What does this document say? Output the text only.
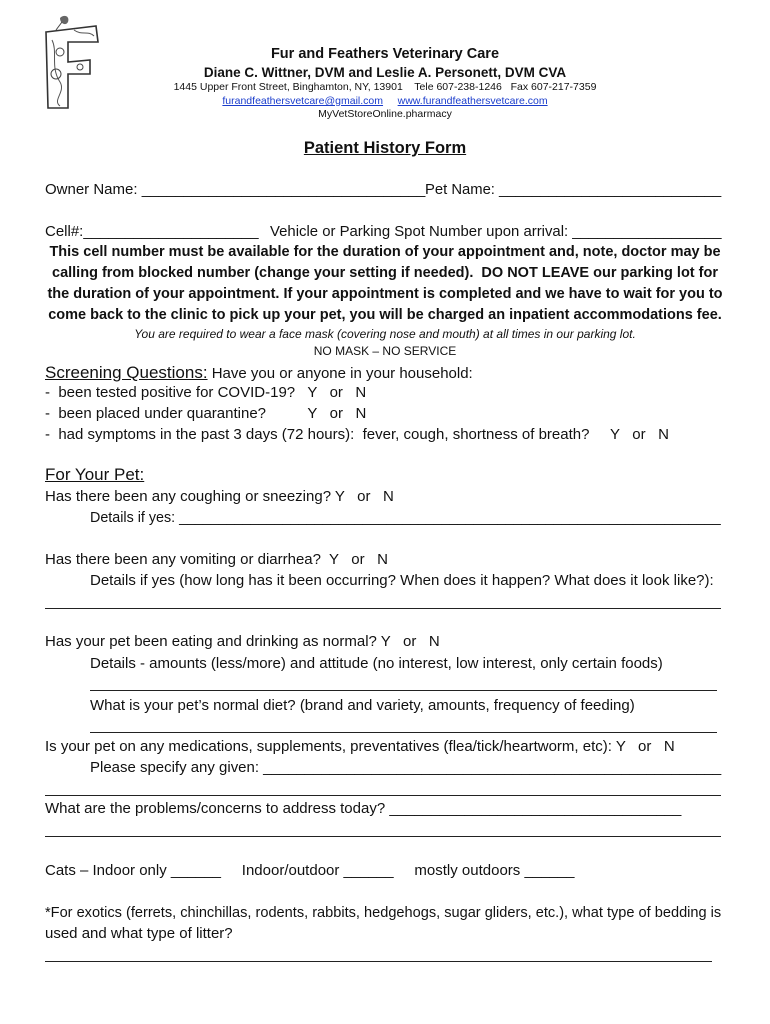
Fur and Feathers Veterinary Care
Diane C. Wittner, DVM and Leslie A. Personett, DVM CVA
1445 Upper Front Street, Binghamton, NY, 13901    Tele 607-238-1246   Fax 607-217-7359
furandfeathersvetcare@gmail.com www.furandfeathersvetcare.com
MyVetStoreOnline.pharmacy
Patient History Form
Owner Name: __________________________________ Pet Name: ___________________________
Cell#:_____________________ Vehicle or Parking Spot Number upon arrival: __________________
This cell number must be available for the duration of your appointment and, note, doctor may be
calling from blocked number (change your setting if needed).  DO NOT LEAVE our parking lot for
the duration of your appointment. If your appointment is completed and we have to wait for you to
come back to the clinic to pick up your pet, you will be charged an inpatient accommodations fee.
You are required to wear a face mask (covering nose and mouth) at all times in our parking lot.
NO MASK – NO SERVICE
Screening Questions: Have you or anyone in your household:
-  been tested positive for COVID-19?   Y   or   N
-  been placed under quarantine?          Y   or   N
-  had symptoms in the past 3 days (72 hours):  fever, cough, shortness of breath?     Y   or   N
For Your Pet:
Has there been any coughing or sneezing? Y   or   N
Details if yes: ____________________________________________________________________
Has there been any vomiting or diarrhea?  Y   or   N
Details if yes (how long has it been occurring? When does it happen? What does it look like?):
Has your pet been eating and drinking as normal? Y   or   N
Details - amounts (less/more) and attitude (no interest, low interest, only certain foods)
What is your pet’s normal diet? (brand and variety, amounts, frequency of feeding)
Is your pet on any medications, supplements, preventatives (flea/tick/heartworm, etc): Y   or   N
Please specify any given: _______________________________________________________
What are the problems/concerns to address today? ___________________________________
Cats – Indoor only ______     Indoor/outdoor ______     mostly outdoors ______
*For exotics (ferrets, chinchillas, rodents, rabbits, hedgehogs, sugar gliders, etc.), what type of bedding is
used and what type of litter?
